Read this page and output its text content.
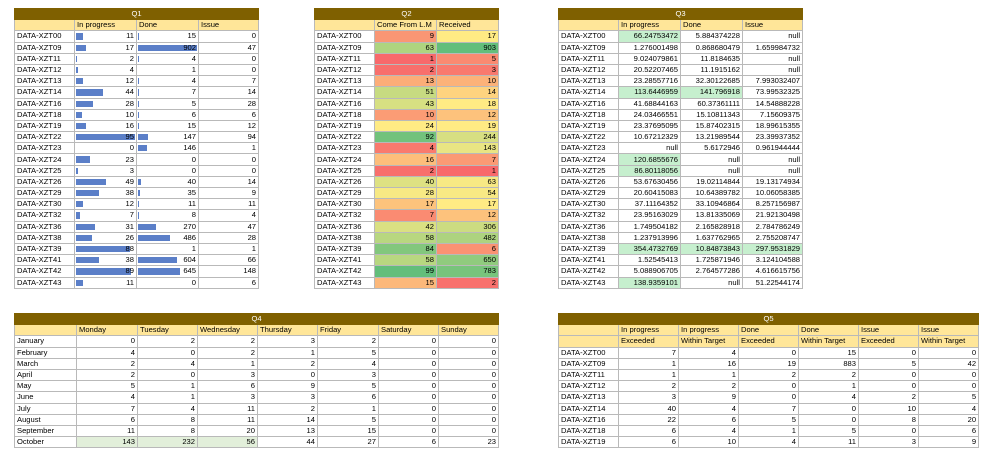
Q1			
	In progress	Done	Issue
DATA-XZT00	11	15	0
DATA-XZT09	17	902	47
DATA-XZT11	2	4	0
DATA-XZT12	4	1	0
DATA-XZT13	12	4	7
DATA-XZT14	44	7	14
DATA-XZT16	28	5	28
DATA-XZT18	10	6	6
DATA-XZT19	16	15	12
DATA-XZT22	95	147	94
DATA-XZT23	0	146	1
DATA-XZT24	23	0	0
DATA-XZT25	3	0	0
DATA-XZT26	49	40	14
DATA-XZT29	38	35	9
DATA-XZT30	12	11	11
DATA-XZT32	7	8	4
DATA-XZT36	31	270	47
DATA-XZT38	26	486	28
DATA-XZT39	88	1	1
DATA-XZT41	38	604	66
DATA-XZT42	89	645	148
DATA-XZT43	11	0	6
Q2		
	Come From L.M	Received
DATA-XZT00	9	17
DATA-XZT09	63	903
DATA-XZT11	1	5
DATA-XZT12	2	3
DATA-XZT13	13	10
DATA-XZT14	51	14
DATA-XZT16	43	18
DATA-XZT18	10	12
DATA-XZT19	24	19
DATA-XZT22	92	244
DATA-XZT23	4	143
DATA-XZT24	16	7
DATA-XZT25	2	1
DATA-XZT26	40	63
DATA-XZT29	28	54
DATA-XZT30	17	17
DATA-XZT32	7	12
DATA-XZT36	42	306
DATA-XZT38	58	482
DATA-XZT39	84	6
DATA-XZT41	58	650
DATA-XZT42	99	783
DATA-XZT43	15	2
Q3			
	In progress	Done	Issue
DATA-XZT00	66.24753472	5.884374228	null
DATA-XZT09	1.276001498	0.868680479	1.659984732
DATA-XZT11	9.024079861	11.8184635	null
DATA-XZT12	20.52207465	11.1915162	null
DATA-XZT13	23.28557716	32.30122685	7.993032407
DATA-XZT14	113.6446959	141.796918	73.99532325
DATA-XZT16	41.68844163	60.37361111	14.54888228
DATA-XZT18	24.03466551	15.10811343	7.15609375
DATA-XZT19	23.37695095	15.87402315	18.99615355
DATA-XZT22	10.67212329	13.21989544	23.39937352
DATA-XZT23	null	5.6172946	0.961944444
DATA-XZT24	120.6855676	null	null
DATA-XZT25	86.80118056	null	null
DATA-XZT26	53.67630456	19.02114844	19.13174934
DATA-XZT29	20.60415083	10.64389782	10.06058385
DATA-XZT30	37.11164352	33.10946864	8.257156987
DATA-XZT32	23.95163029	13.81335069	21.92130498
DATA-XZT36	1.749504182	2.165828918	2.784786249
DATA-XZT38	1.237913996	1.637762965	2.755208747
DATA-XZT39	354.4732769	10.84873843	297.9531829
DATA-XZT41	1.52545413	1.725871946	3.124104588
DATA-XZT42	5.088906705	2.764577286	4.616615756
DATA-XZT43	138.9359101	null	51.22544174
Q4							
	Monday	Tuesday	Wednesday	Thursday	Friday	Saturday	Sunday
January	0	2	2	3	2	0	0
February	4	0	2	1	5	0	0
March	2	4	1	2	4	0	0
April	2	0	3	0	3	0	0
May	5	1	6	9	5	0	0
June	4	1	3	3	6	0	0
July	7	4	11	2	1	0	0
August	6	8	11	14	5	0	0
September	11	8	20	13	15	0	0
October	143	232	56	44	27	6	23
Q5						
	In progress	In progress	Done	Done	Issue	Issue
	Exceeded	Within Target	Exceeded	Within Target	Exceeded	Within Target
DATA-XZT00	7	4	0	15	0	0
DATA-XZT09	1	16	19	883	5	42
DATA-XZT11	1	1	2	2	0	0
DATA-XZT12	2	2	0	1	0	0
DATA-XZT13	3	9	0	4	2	5
DATA-XZT14	40	4	7	0	10	4
DATA-XZT16	22	6	5	0	8	20
DATA-XZT18	6	4	1	5	0	6
DATA-XZT19	6	10	4	11	3	9
